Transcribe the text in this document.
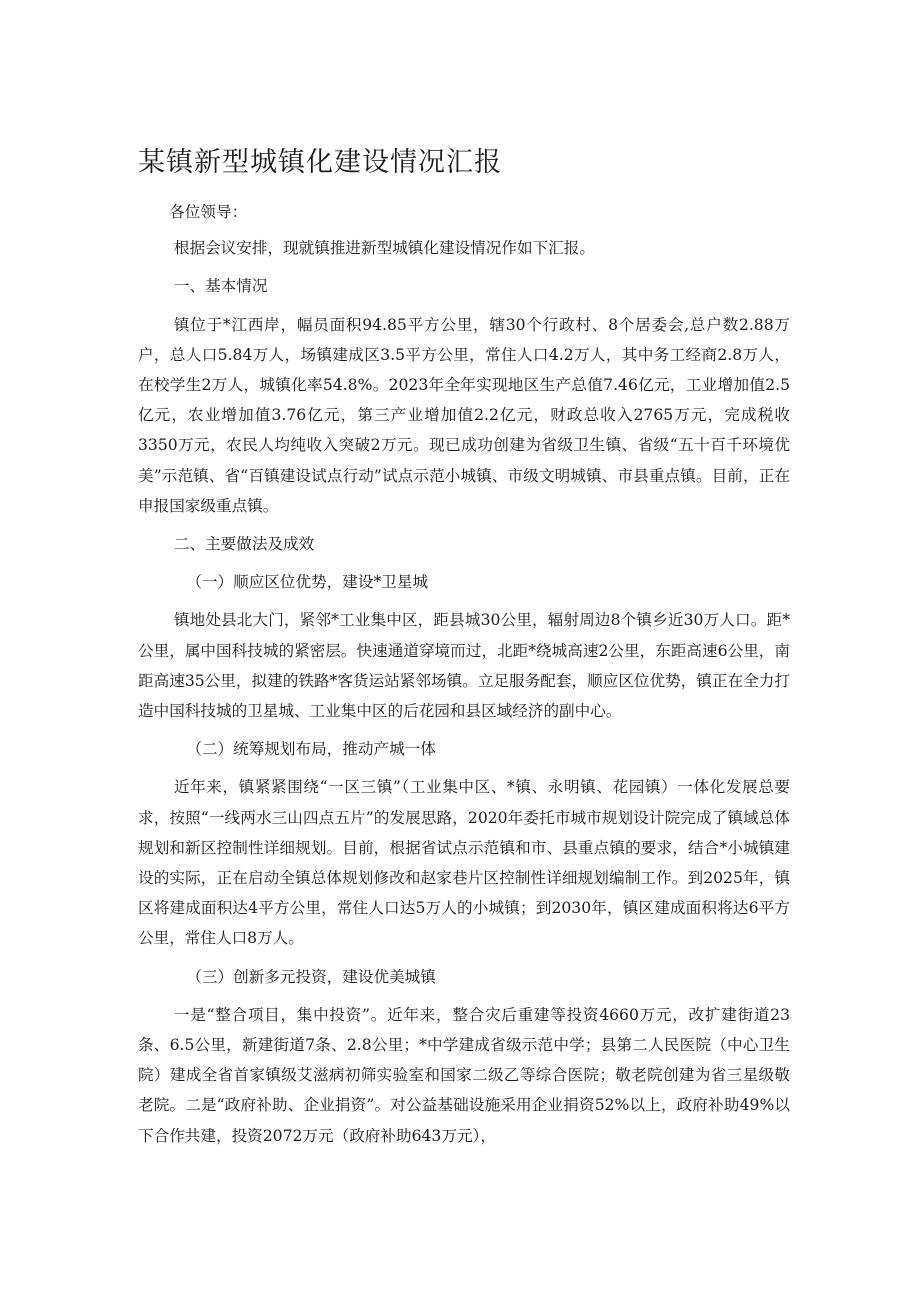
某镇新型城镇化建设情况汇报

各位领导：

根据会议安排，现就镇推进新型城镇化建设情况作如下汇报。

一、基本情况

镇位于*江西岸，幅员面积94.85平方公里，辖30个行政村、8个居委会,总户数2.88万户，总人口5.84万人，场镇建成区3.5平方公里，常住人口4.2万人，其中务工经商2.8万人，在校学生2万人，城镇化率54.8%。2023年全年实现地区生产总值7.46亿元，工业增加值2.5亿元，农业增加值3.76亿元，第三产业增加值2.2亿元，财政总收入2765万元，完成税收3350万元，农民人均纯收入突破2万元。现已成功创建为省级卫生镇、省级“五十百千环境优美”示范镇、省“百镇建设试点行动”试点示范小城镇、市级文明城镇、市县重点镇。目前，正在申报国家级重点镇。

二、主要做法及成效

（一）顺应区位优势，建设*卫星城

镇地处县北大门，紧邻*工业集中区，距县城30公里，辐射周边8个镇乡近30万人口。距*公里，属中国科技城的紧密层。快速通道穿境而过，北距*绕城高速2公里，东距高速6公里，南距高速35公里，拟建的铁路*客货运站紧邻场镇。立足服务配套，顺应区位优势，镇正在全力打造中国科技城的卫星城、工业集中区的后花园和县区域经济的副中心。

（二）统筹规划布局，推动产城一体

近年来，镇紧紧围绕“一区三镇”（工业集中区、*镇、永明镇、花园镇）一体化发展总要求，按照“一线两水三山四点五片”的发展思路，2020年委托市城市规划设计院完成了镇域总体规划和新区控制性详细规划。目前，根据省试点示范镇和市、县重点镇的要求，结合*小城镇建设的实际，正在启动全镇总体规划修改和赵家巷片区控制性详细规划编制工作。到2025年，镇区将建成面积达4平方公里，常住人口达5万人的小城镇；到2030年，镇区建成面积将达6平方公里，常住人口8万人。

（三）创新多元投资，建设优美城镇

一是“整合项目，集中投资”。近年来，整合灾后重建等投资4660万元，改扩建街道23条、6.5公里，新建街道7条、2.8公里；*中学建成省级示范中学；县第二人民医院（中心卫生院）建成全省首家镇级艾滋病初筛实验室和国家二级乙等综合医院；敬老院创建为省三星级敬老院。二是“政府补助、企业捐资”。对公益基础设施采用企业捐资52%以上，政府补助49%以下合作共建，投资2072万元（政府补助643万元），
